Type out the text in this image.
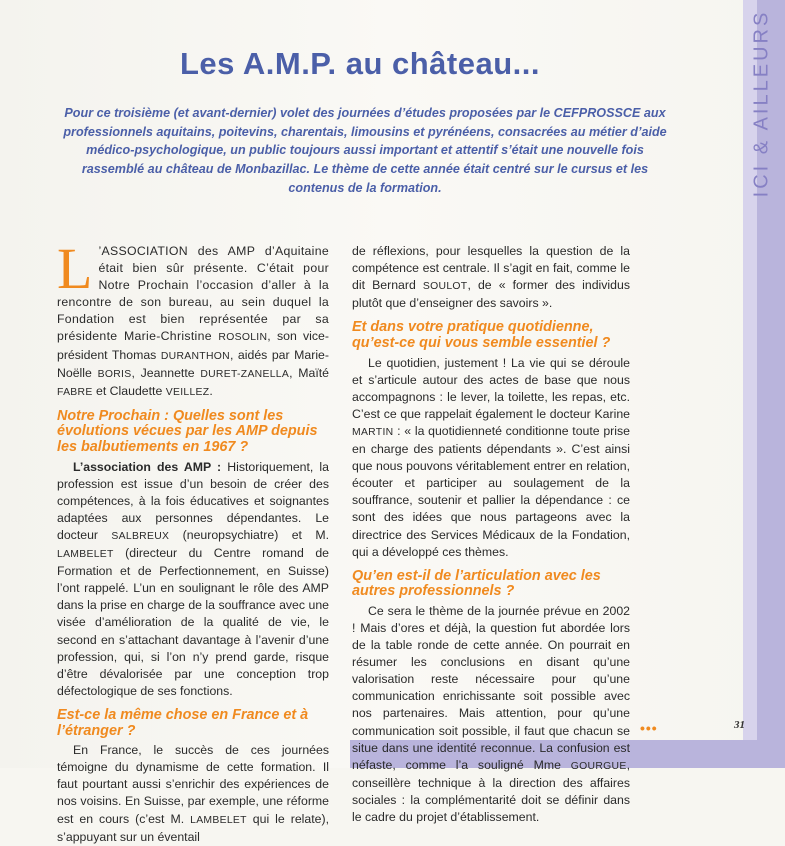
ICI & AILLEURS
•••	31
Les A.M.P. au château...

Pour ce troisième (et avant-dernier) volet des journées d’études proposées par le CEFPROSSCE aux professionnels aquitains, poitevins, charentais, limousins et pyrénéens, consacrées au métier d’aide médico-psychologique, un public toujours aussi important et attentif s’était une nouvelle fois rassemblé au château de Monbazillac. Le thème de cette année était centré sur le cursus et les contenus de la formation.

L ’ASSOCIATION des AMP d’Aquitaine était bien sûr présente. C’était pour Notre Prochain l’occasion d’aller à la rencontre de son bureau, au sein duquel la Fondation est bien représentée par sa présidente Marie-Christine ROSOLIN, son vice-président Thomas DURANTHON, aidés par Marie-Noëlle BORIS, Jeannette DURET-ZANELLA, Maïté FABRE et Claudette VEILLEZ.

Notre Prochain : Quelles sont les évolutions vécues par les AMP depuis les balbutiements en 1967 ?

L’association des AMP : Historiquement, la profession est issue d’un besoin de créer des compétences, à la fois éducatives et soignantes adaptées aux personnes dépendantes. Le docteur SALBREUX (neuropsychiatre) et M. LAMBELET (directeur du Centre romand de Formation et de Perfectionnement, en Suisse) l’ont rappelé. L’un en soulignant le rôle des AMP dans la prise en charge de la souffrance avec une visée d’amélioration de la qualité de vie, le second en s’attachant davantage à l’avenir d’une profession, qui, si l’on n’y prend garde, risque d’être dévalorisée par une conception trop défectologique de ses fonctions.

Est-ce la même chose en France et à l’étranger ?

En France, le succès de ces journées témoigne du dynamisme de cette formation. Il faut pourtant aussi s’enrichir des expériences de nos voisins. En Suisse, par exemple, une réforme est en cours (c’est M. LAMBELET qui le relate), s’appuyant sur un éventail

de réflexions, pour lesquelles la question de la compétence est centrale. Il s’agit en fait, comme le dit Bernard SOULOT, de « former des individus plutôt que d’enseigner des savoirs ».

Et dans votre pratique quotidienne, qu’est-ce qui vous semble essentiel ?

Le quotidien, justement ! La vie qui se déroule et s’articule autour des actes de base que nous accompagnons : le lever, la toilette, les repas, etc. C’est ce que rappelait également le docteur Karine MARTIN : « la quotidienneté conditionne toute prise en charge des patients dépendants ». C’est ainsi que nous pouvons véritablement entrer en relation, écouter et participer au soulagement de la souffrance, soutenir et pallier la dépendance : ce sont des idées que nous partageons avec la directrice des Services Médicaux de la Fondation, qui a développé ces thèmes.

Qu’en est-il de l’articulation avec les autres professionnels ?

Ce sera le thème de la journée prévue en 2002 ! Mais d’ores et déjà, la question fut abordée lors de la table ronde de cette année. On pourrait en résumer les conclusions en disant qu’une valorisation reste nécessaire pour qu’une communication enrichissante soit possible avec nos partenaires. Mais attention, pour qu’une communication soit possible, il faut que chacun se situe dans une identité reconnue. La confusion est néfaste, comme l’a souligné Mme GOURGUE, conseillère technique à la direction des affaires sociales : la complémentarité doit se définir dans le cadre du projet d’établissement.
